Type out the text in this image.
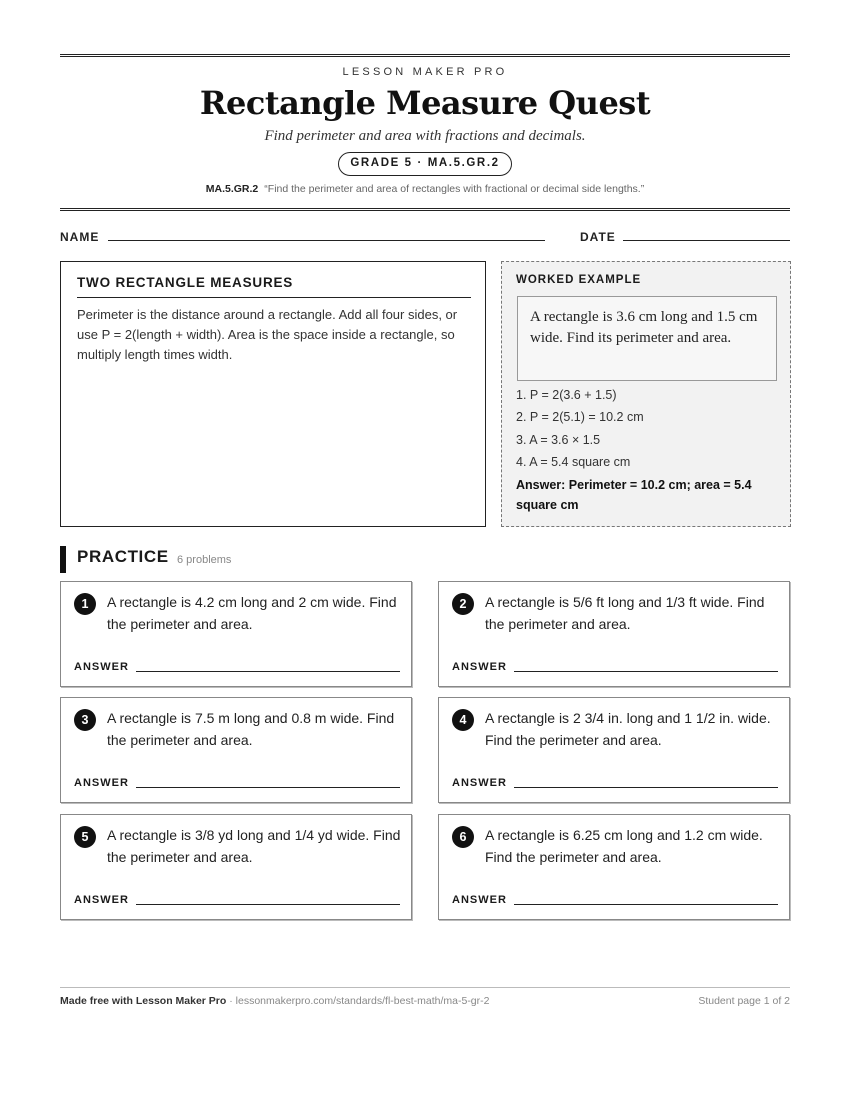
LESSON MAKER PRO
Rectangle Measure Quest
Find perimeter and area with fractions and decimals.
GRADE 5 · MA.5.GR.2
MA.5.GR.2 “Find the perimeter and area of rectangles with fractional or decimal side lengths.”
NAME	DATE
TWO RECTANGLE MEASURES

Perimeter is the distance around a rectangle. Add all four sides, or use P = 2(length + width). Area is the space inside a rectangle, so multiply length times width.

WORKED EXAMPLE
A rectangle is 3.6 cm long and 1.5 cm wide. Find its perimeter and area.
1. P = 2(3.6 + 1.5)
2. P = 2(5.1) = 10.2 cm
3. A = 3.6 × 1.5
4. A = 5.4 square cm
Answer: Perimeter = 10.2 cm; area = 5.4 square cm
PRACTICE 6 problems
1	A rectangle is 4.2 cm long and 2 cm wide. Find the perimeter and area.
ANSWER
2	A rectangle is 5/6 ft long and 1/3 ft wide. Find the perimeter and area.
ANSWER
3	A rectangle is 7.5 m long and 0.8 m wide. Find the perimeter and area.
ANSWER
4	A rectangle is 2 3/4 in. long and 1 1/2 in. wide. Find the perimeter and area.
ANSWER
5	A rectangle is 3/8 yd long and 1/4 yd wide. Find the perimeter and area.
ANSWER
6	A rectangle is 6.25 cm long and 1.2 cm wide. Find the perimeter and area.
ANSWER
Made free with Lesson Maker Pro · lessonmakerpro.com/standards/fl-best-math/ma-5-gr-2	Student page 1 of 2
